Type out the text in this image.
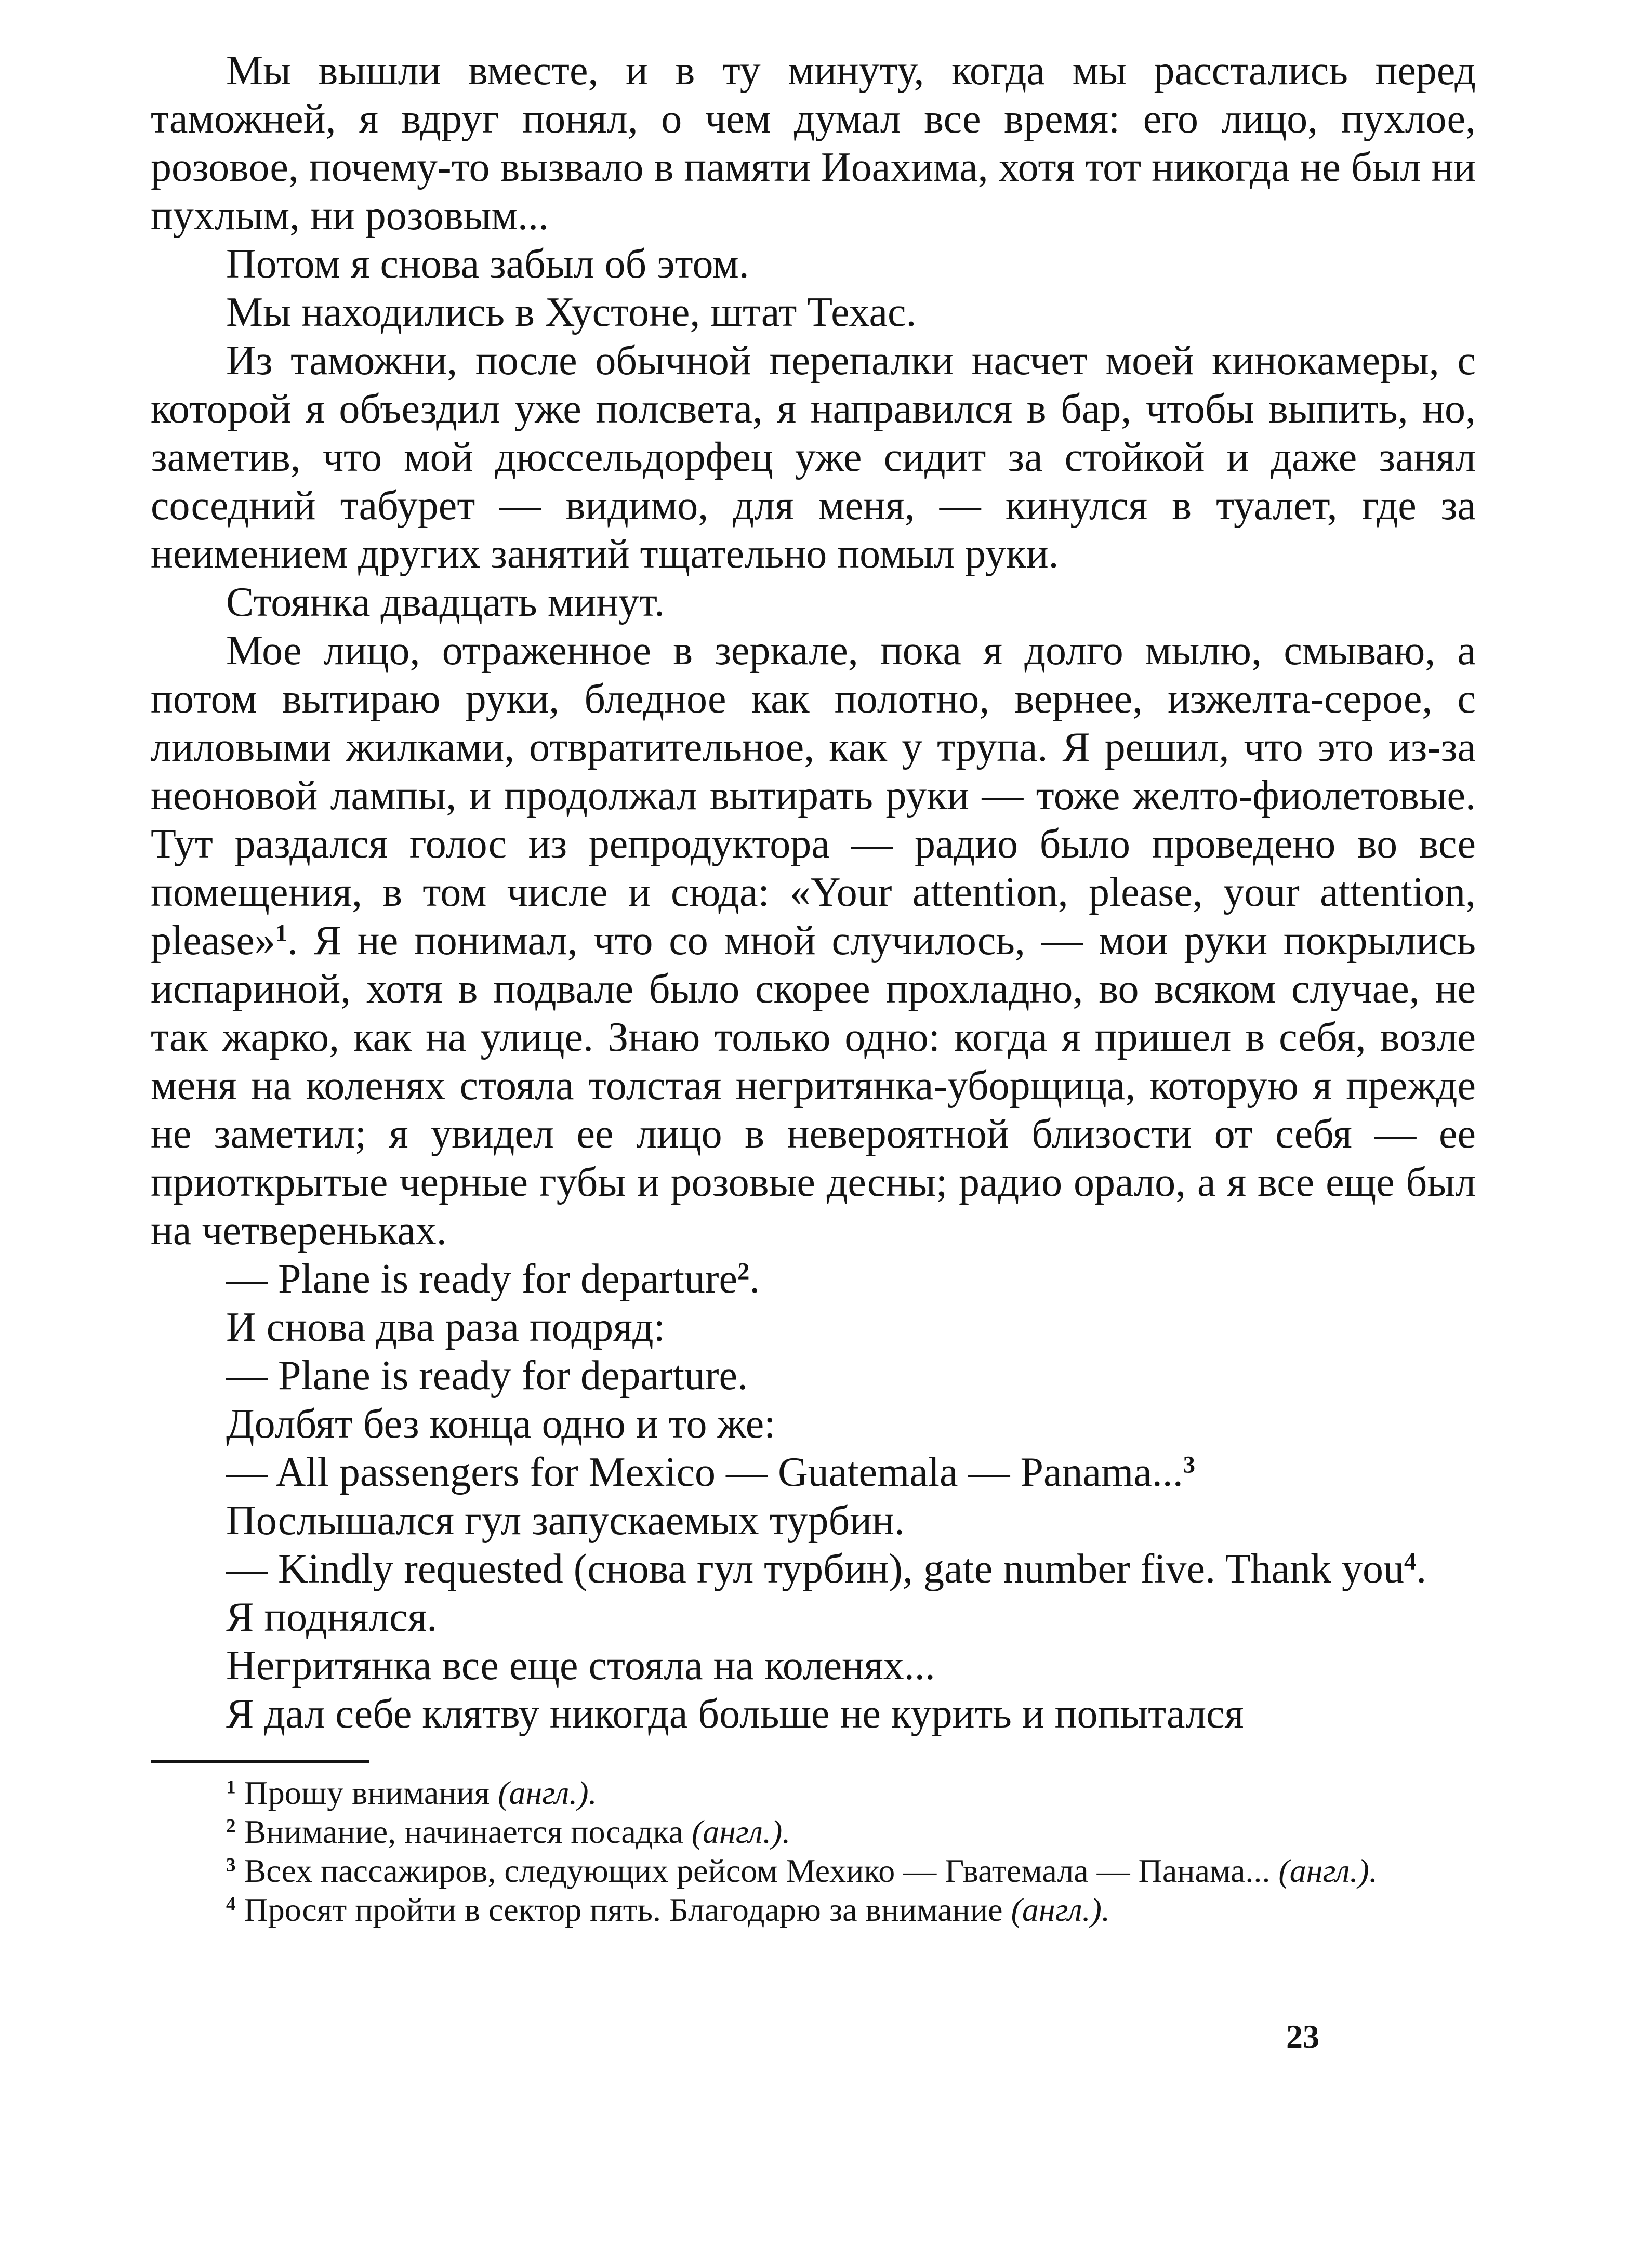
Мы вышли вместе, и в ту минуту, когда мы расстались перед таможней, я вдруг понял, о чем думал все время: его лицо, пухлое, розовое, почему-то вызвало в памяти Иоахима, хотя тот никогда не был ни пухлым, ни розовым...

Потом я снова забыл об этом.

Мы находились в Хустоне, штат Техас.

Из таможни, после обычной перепалки насчет моей кинокамеры, с которой я объездил уже полсвета, я направился в бар, чтобы выпить, но, заметив, что мой дюссельдорфец уже сидит за стойкой и даже занял соседний табурет — видимо, для меня, — кинулся в туалет, где за неимением других занятий тщательно помыл руки.

Стоянка двадцать минут.

Мое лицо, отраженное в зеркале, пока я долго мылю, смываю, а потом вытираю руки, бледное как полотно, вернее, изжелта-серое, с лиловыми жилками, отвратительное, как у трупа. Я решил, что это из-за неоновой лампы, и продолжал вытирать руки — тоже желто-фиолетовые. Тут раздался голос из репродуктора — радио было проведено во все помещения, в том числе и сюда: «Your attention, please, your attention, please»$^1$. Я не понимал, что со мной случилось, — мои руки покрылись испариной, хотя в подвале было скорее прохладно, во всяком случае, не так жарко, как на улице. Знаю только одно: когда я пришел в себя, возле меня на коленях стояла толстая негритянка-уборщица, которую я прежде не заметил; я увидел ее лицо в невероятной близости от себя — ее приоткрытые черные губы и розовые десны; радио орало, а я все еще был на четвереньках.

— Plane is ready for departure$^2$.

И снова два раза подряд:

— Plane is ready for departure.

Долбят без конца одно и то же:

— All passengers for Mexico — Guatemala — Panama...$^3$

Послышался гул запускаемых турбин.

— Kindly requested (снова гул турбин), gate number five. Thank you$^4$.

Я поднялся.

Негритянка все еще стояла на коленях...

Я дал себе клятву никогда больше не курить и попытался

$^1$ Прошу внимания (англ.).

$^2$ Внимание, начинается посадка (англ.).

$^3$ Всех пассажиров, следующих рейсом Мехико — Гватемала — Панама... (англ.).

$^4$ Просят пройти в сектор пять. Благодарю за внимание (англ.).

23
